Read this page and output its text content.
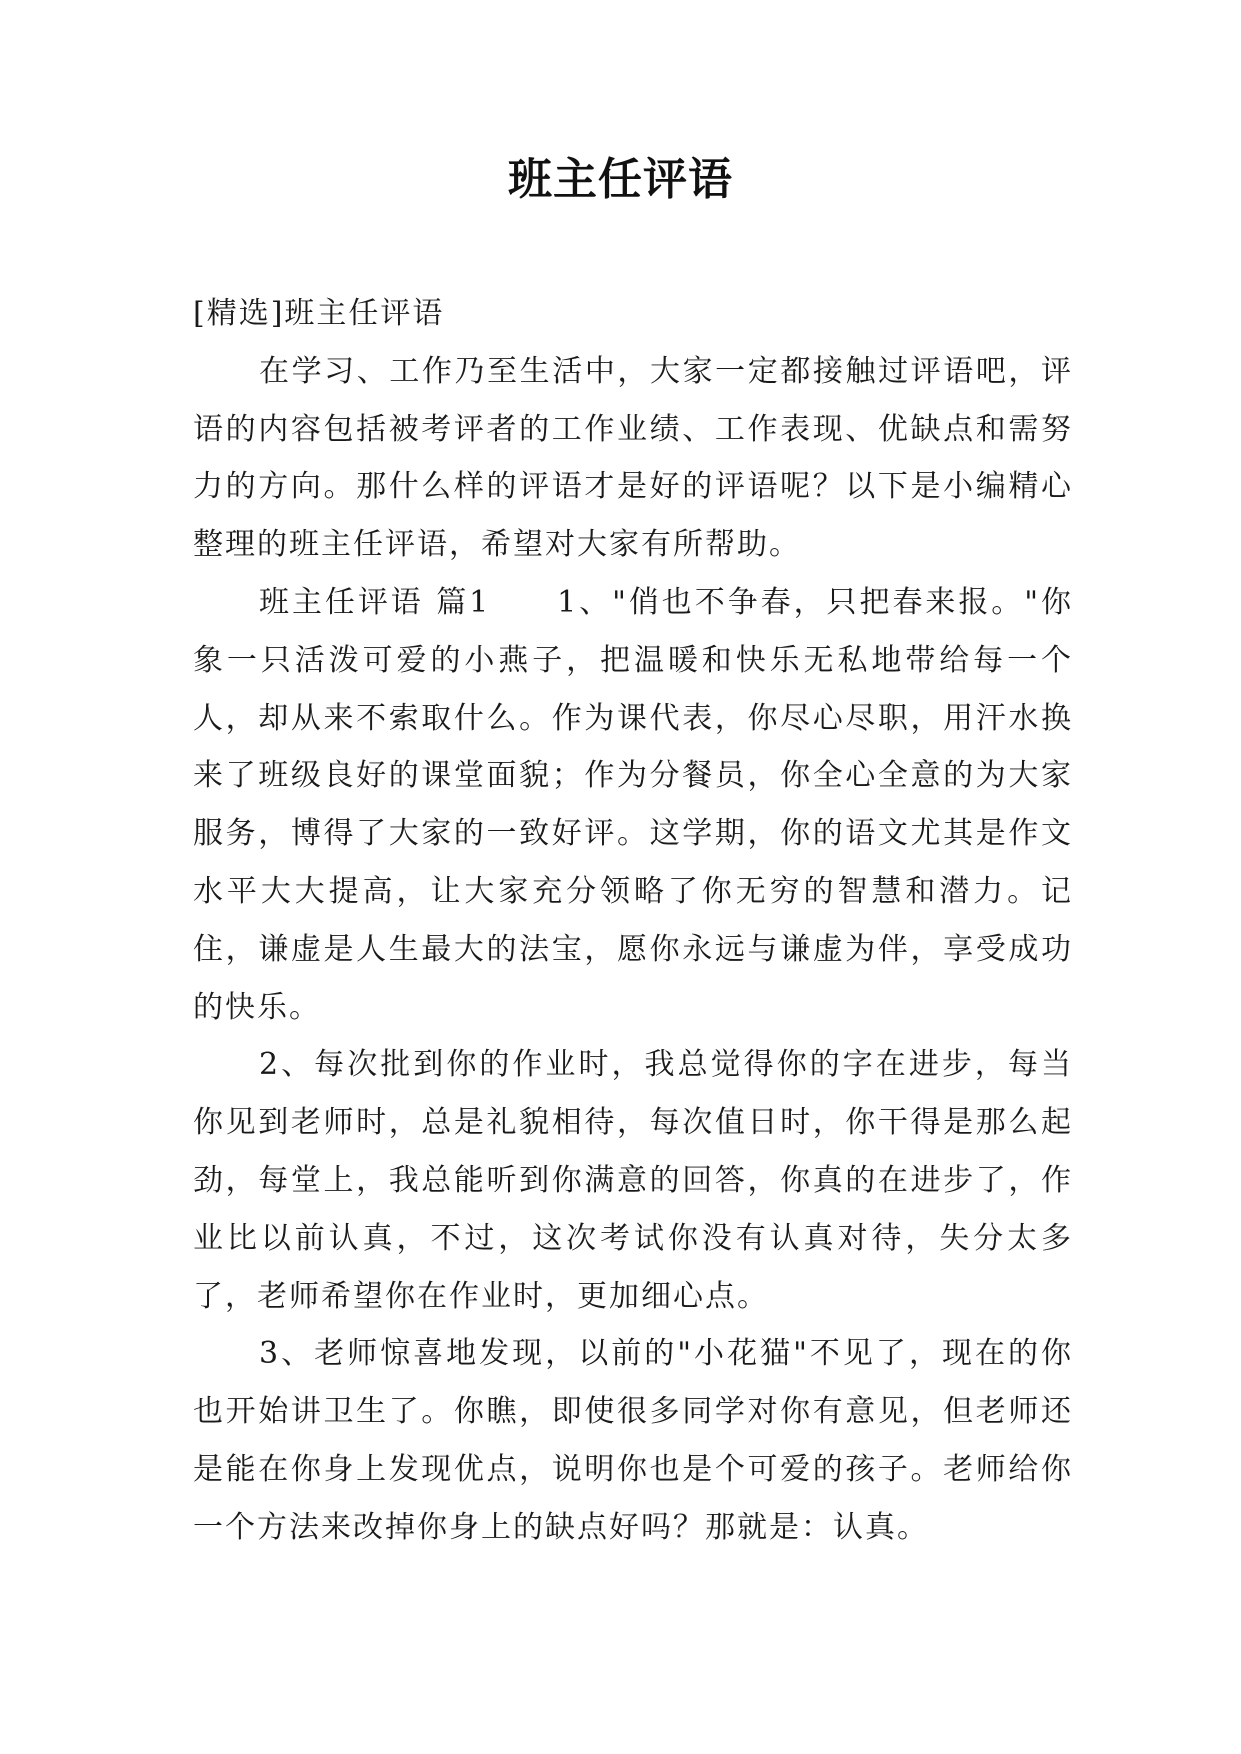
班主任评语

[精选]班主任评语

在学习、工作乃至生活中，大家一定都接触过评语吧，评语的内容包括被考评者的工作业绩、工作表现、优缺点和需努力的方向。那什么样的评语才是好的评语呢？以下是小编精心整理的班主任评语，希望对大家有所帮助。

班主任评语 篇1　　1、"俏也不争春，只把春来报。"你象一只活泼可爱的小燕子，把温暖和快乐无私地带给每一个人，却从来不索取什么。作为课代表，你尽心尽职，用汗水换来了班级良好的课堂面貌；作为分餐员，你全心全意的为大家服务，博得了大家的一致好评。这学期，你的语文尤其是作文水平大大提高，让大家充分领略了你无穷的智慧和潜力。记住，谦虚是人生最大的法宝，愿你永远与谦虚为伴，享受成功的快乐。

2、每次批到你的作业时，我总觉得你的字在进步，每当你见到老师时，总是礼貌相待，每次值日时，你干得是那么起劲，每堂上，我总能听到你满意的回答，你真的在进步了，作业比以前认真，不过，这次考试你没有认真对待，失分太多了，老师希望你在作业时，更加细心点。

3、老师惊喜地发现，以前的"小花猫"不见了，现在的你也开始讲卫生了。你瞧，即使很多同学对你有意见，但老师还是能在你身上发现优点，说明你也是个可爱的孩子。老师给你一个方法来改掉你身上的缺点好吗？那就是：认真。
